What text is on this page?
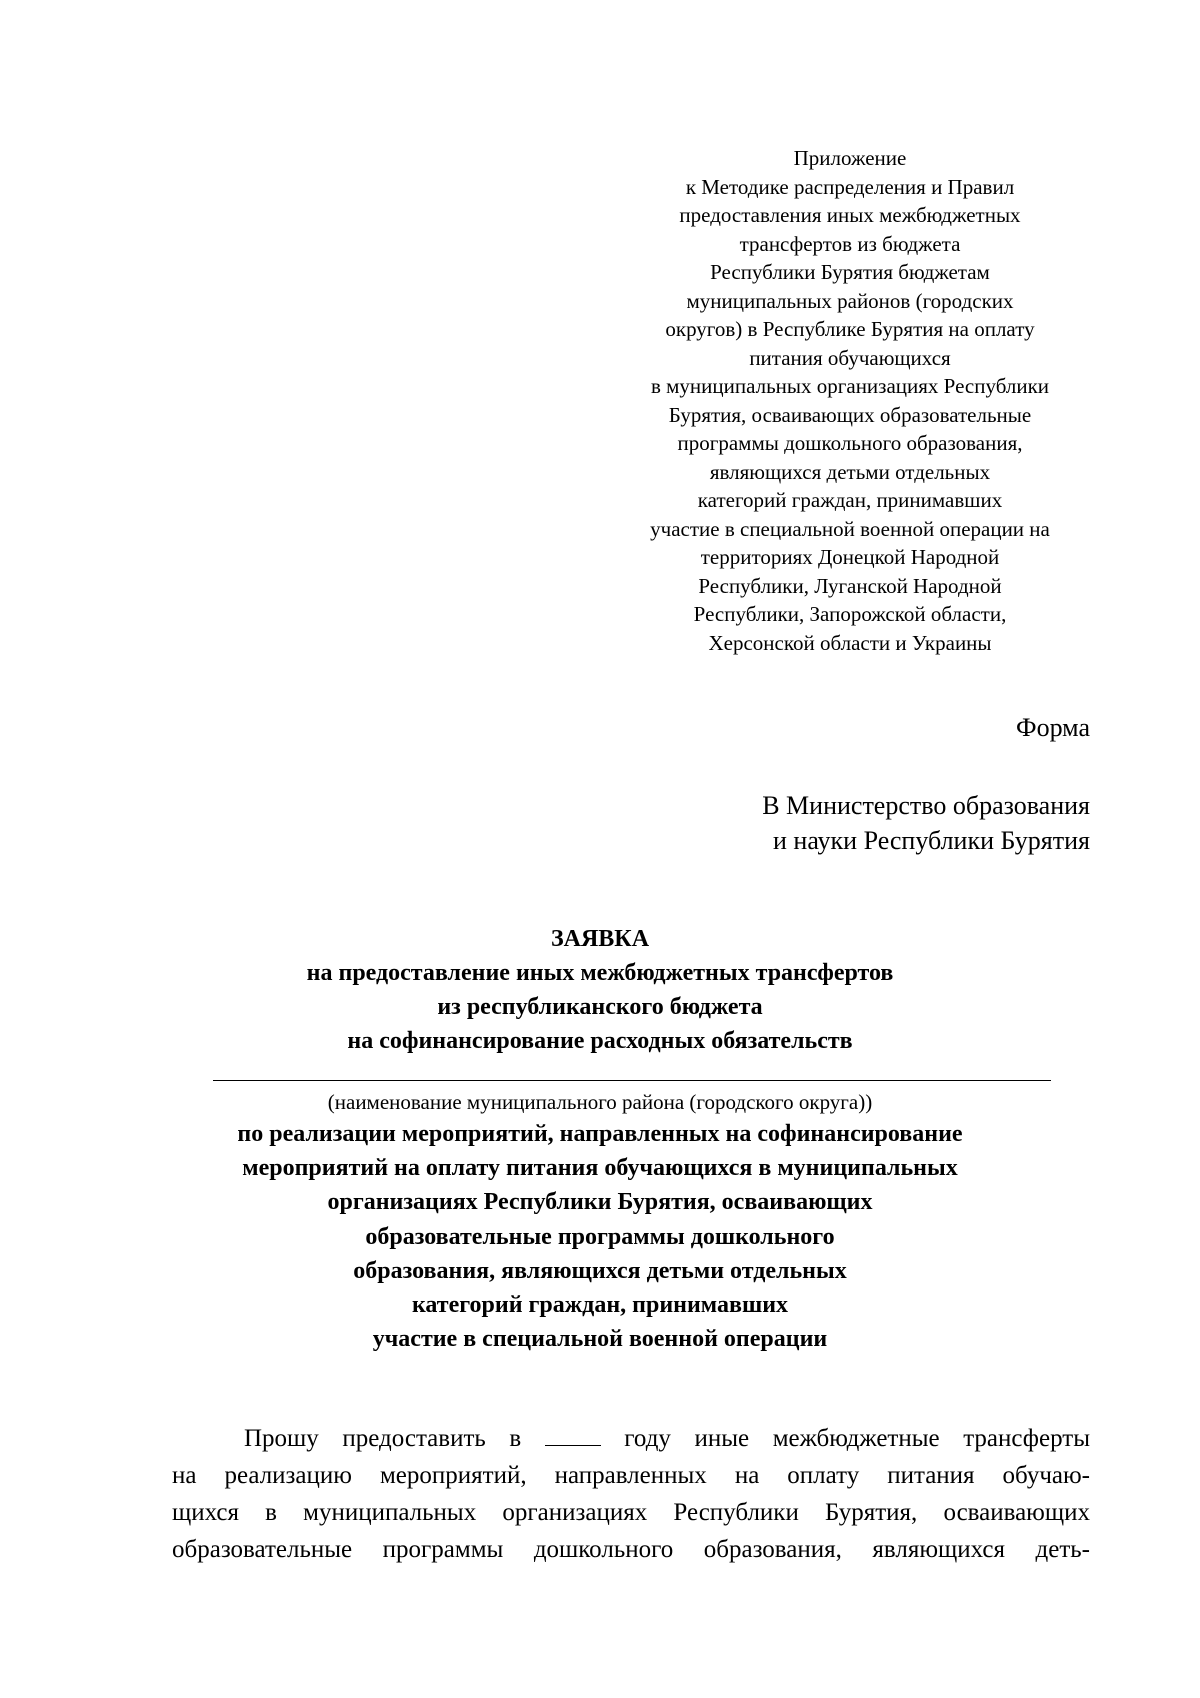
Приложение
к Методике распределения и Правил
предоставления иных межбюджетных
трансфертов из бюджета
Республики Бурятия бюджетам
муниципальных районов (городских
округов) в Республике Бурятия на оплату
питания обучающихся
в муниципальных организациях Республики
Бурятия, осваивающих образовательные
программы дошкольного образования,
являющихся детьми отдельных
категорий граждан, принимавших
участие в специальной военной операции на
территориях Донецкой Народной
Республики, Луганской Народной
Республики, Запорожской области,
Херсонской области и Украины
Форма
В Министерство образования
и науки Республики Бурятия
ЗАЯВКА
на предоставление иных межбюджетных трансфертов
из республиканского бюджета
на софинансирование расходных обязательств
(наименование муниципального района (городского округа))
по реализации мероприятий, направленных на софинансирование
мероприятий на оплату питания обучающихся в муниципальных
организациях Республики Бурятия, осваивающих
образовательные программы дошкольного
образования, являющихся детьми отдельных
категорий граждан, принимавших
участие в специальной военной операции
Прошу предоставить в	году иные межбюджетные трансферты
на реализацию мероприятий, направленных на оплату питания обучаю-
щихся в муниципальных организациях Республики Бурятия, осваивающих
образовательные программы дошкольного образования, являющихся деть-
